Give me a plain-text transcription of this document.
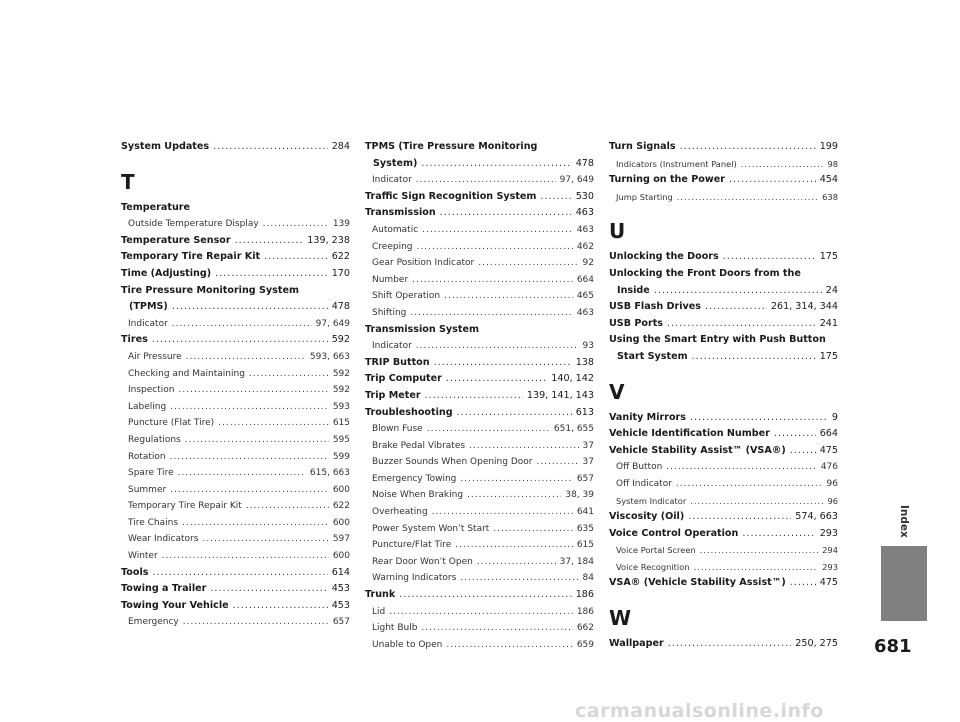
System Updates .....	284
T
Temperature
Outside Temperature Display .....	139
Temperature Sensor .....	139, 238
Temporary Tire Repair Kit .....	622
Time (Adjusting) .....	170
Tire Pressure Monitoring System
(TPMS) .....	478
Indicator .....	97, 649
Tires .....	592
Air Pressure .....	593, 663
Checking and Maintaining .....	592
Inspection .....	592
Labeling .....	593
Puncture (Flat Tire) .....	615
Regulations .....	595
Rotation .....	599
Spare Tire .....	615, 663
Summer .....	600
Temporary Tire Repair Kit .....	622
Tire Chains .....	600
Wear Indicators .....	597
Winter .....	600
Tools .....	614
Towing a Trailer .....	453
Towing Your Vehicle .....	453
Emergency .....	657
TPMS (Tire Pressure Monitoring
System) .....	478
Indicator .....	97, 649
Traffic Sign Recognition System .....	530
Transmission .....	463
Automatic .....	463
Creeping .....	462
Gear Position Indicator .....	92
Number .....	664
Shift Operation .....	465
Shifting .....	463
Transmission System
Indicator .....	93
TRIP Button .....	138
Trip Computer .....	140, 142
Trip Meter .....	139, 141, 143
Troubleshooting .....	613
Blown Fuse .....	651, 655
Brake Pedal Vibrates .....	37
Buzzer Sounds When Opening Door .....	37
Emergency Towing .....	657
Noise When Braking .....	38, 39
Overheating .....	641
Power System Won’t Start .....	635
Puncture/Flat Tire .....	615
Rear Door Won’t Open .....	37, 184
Warning Indicators .....	84
Trunk .....	186
Lid .....	186
Light Bulb .....	662
Unable to Open .....	659
Turn Signals .....	199
Indicators (Instrument Panel) .....	98
Turning on the Power .....	454
Jump Starting .....	638
U
Unlocking the Doors .....	175
Unlocking the Front Doors from the
Inside .....	24
USB Flash Drives .....	261, 314, 344
USB Ports .....	241
Using the Smart Entry with Push Button
Start System .....	175
V
Vanity Mirrors .....	9
Vehicle Identification Number .....	664
Vehicle Stability Assist™ (VSA®) .....	475
Off Button .....	476
Off Indicator .....	96
System Indicator .....	96
Viscosity (Oil) .....	574, 663
Voice Control Operation .....	293
Voice Portal Screen .....	294
Voice Recognition .....	293
VSA® (Vehicle Stability Assist™) .....	475
W
Wallpaper .....	250, 275
Index
681
carmanualsonline.info
